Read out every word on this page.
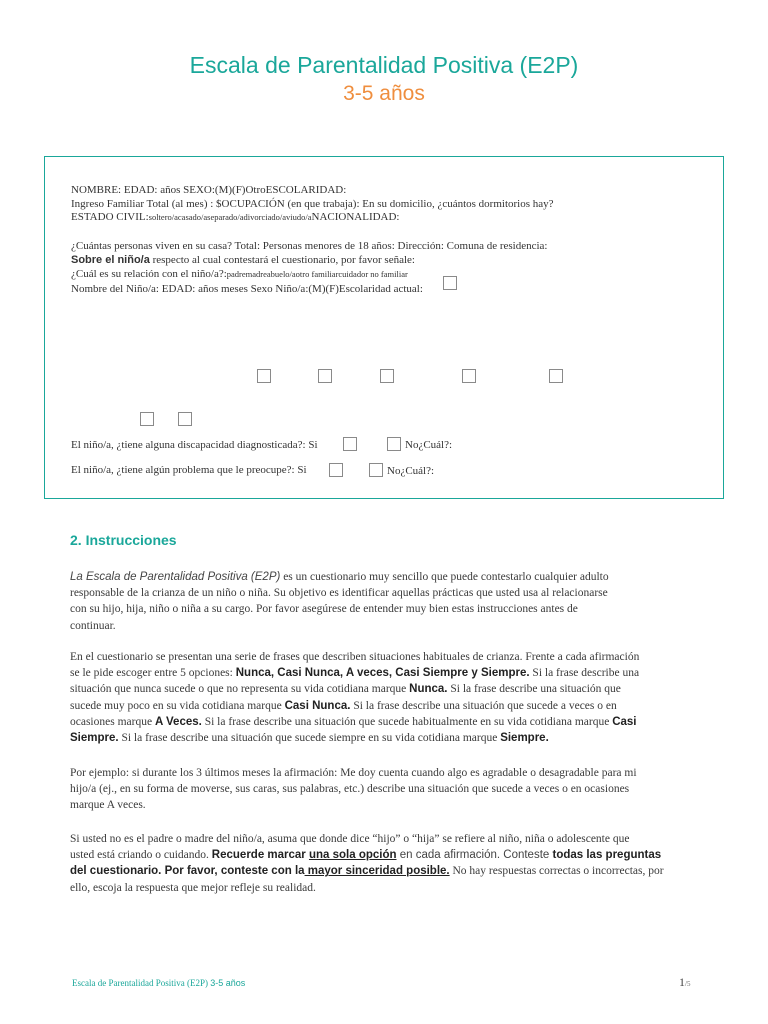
Escala de Parentalidad Positiva (E2P)
3-5 años
NOMBRE: EDAD: años SEXO:(M)(F)OtroESCOLARIDAD:
Ingreso Familiar Total (al mes) : $OCUPACIÓN (en que trabaja): En su domicilio, ¿cuántos dormitorios hay?
ESTADO CIVIL:soltero/acasado/aseparado/adivorciado/aviudo/aNACIONALIDAD:
¿Cuántas personas viven en su casa? Total: Personas menores de 18 años: Dirección: Comuna de residencia:
Sobre el niño/a respecto al cual contestará el cuestionario, por favor señale:
¿Cuál es su relación con el niño/a?:padremadreabuelo/aotro familiarcuidador no familiar
Nombre del Niño/a: EDAD: años meses Sexo Niño/a:(M)(F)Escolaridad actual:
El niño/a, ¿tiene alguna discapacidad diagnosticada?: Si	No¿Cuál?:
El niño/a, ¿tiene algún problema que le preocupe?: Si	No¿Cuál?:
2. Instrucciones
La Escala de Parentalidad Positiva (E2P) es un cuestionario muy sencillo que puede contestarlo cualquier adulto
responsable de la crianza de un niño o niña. Su objetivo es identificar aquellas prácticas que usted usa al relacionarse
con su hijo, hija, niño o niña a su cargo. Por favor asegúrese de entender muy bien estas instrucciones antes de
continuar.
En el cuestionario se presentan una serie de frases que describen situaciones habituales de crianza. Frente a cada afirmación
se le pide escoger entre 5 opciones: Nunca, Casi Nunca, A veces, Casi Siempre y Siempre. Si la frase describe una
situación que nunca sucede o que no representa su vida cotidiana marque Nunca. Si la frase describe una situación que
sucede muy poco en su vida cotidiana marque Casi Nunca. Si la frase describe una situación que sucede a veces o en
ocasiones marque A Veces. Si la frase describe una situación que sucede habitualmente en su vida cotidiana marque Casi
Siempre. Si la frase describe una situación que sucede siempre en su vida cotidiana marque Siempre.
Por ejemplo: si durante los 3 últimos meses la afirmación: Me doy cuenta cuando algo es agradable o desagradable para mi
hijo/a (ej., en su forma de moverse, sus caras, sus palabras, etc.) describe una situación que sucede a veces o en ocasiones
marque A veces.
Si usted no es el padre o madre del niño/a, asuma que donde dice “hijo” o “hija” se refiere al niño, niña o adolescente que
usted está criando o cuidando. Recuerde marcar una sola opción en cada afirmación. Conteste todas las preguntas
del cuestionario. Por favor, conteste con la mayor sinceridad posible. No hay respuestas correctas o incorrectas, por
ello, escoja la respuesta que mejor refleje su realidad.
Escala de Parentalidad Positiva (E2P) 3-5 años	1/5
